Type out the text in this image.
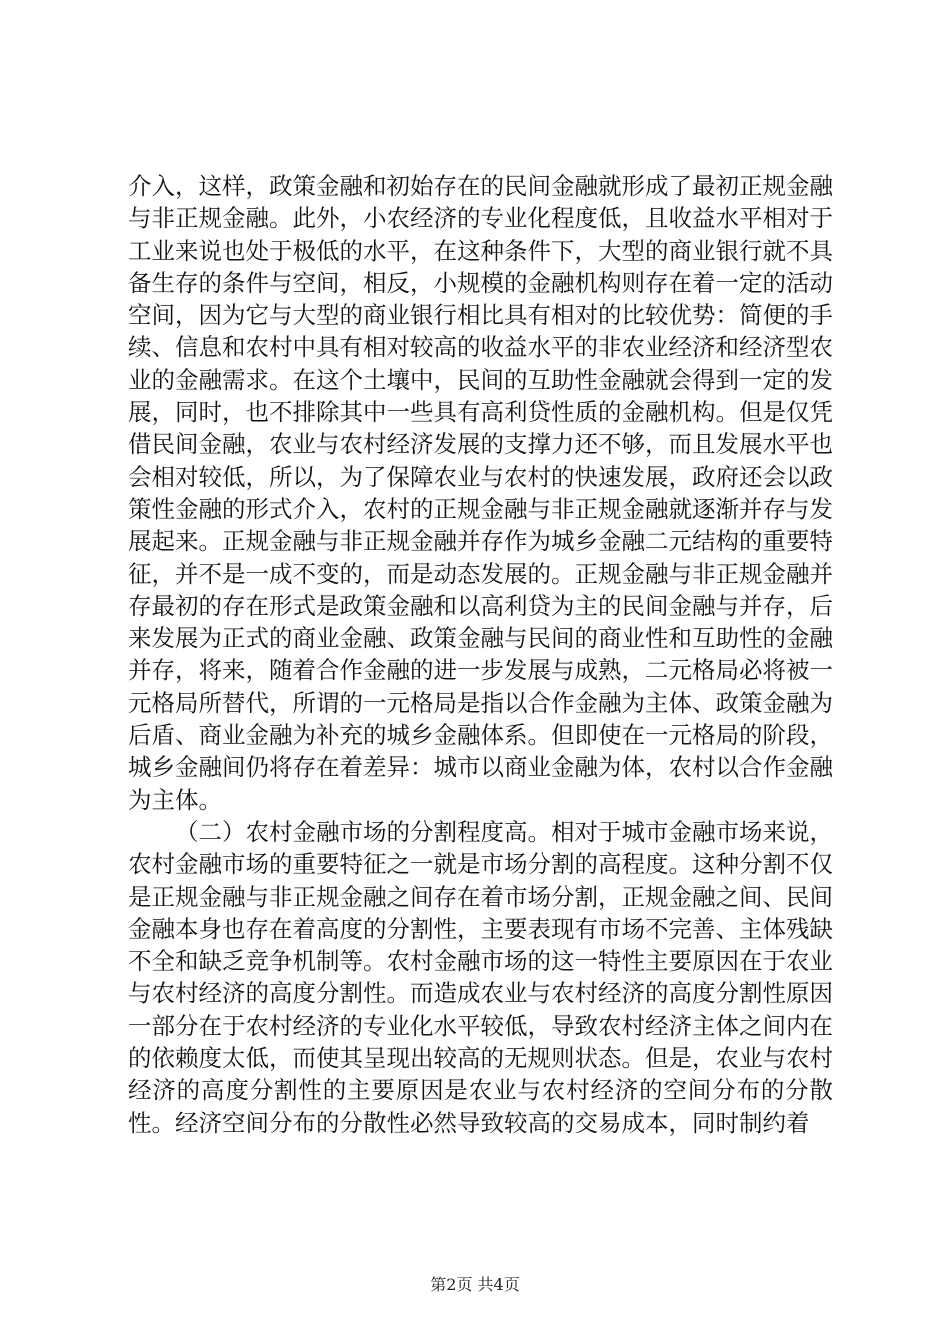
介入，这样，政策金融和初始存在的民间金融就形成了最初正规金融与非正规金融。此外，小农经济的专业化程度低，且收益水平相对于工业来说也处于极低的水平，在这种条件下，大型的商业银行就不具备生存的条件与空间，相反，小规模的金融机构则存在着一定的活动空间，因为它与大型的商业银行相比具有相对的比较优势：简便的手续、信息和农村中具有相对较高的收益水平的非农业经济和经济型农业的金融需求。在这个土壤中，民间的互助性金融就会得到一定的发展，同时，也不排除其中一些具有高利贷性质的金融机构。但是仅凭借民间金融，农业与农村经济发展的支撑力还不够，而且发展水平也会相对较低，所以，为了保障农业与农村的快速发展，政府还会以政策性金融的形式介入，农村的正规金融与非正规金融就逐渐并存与发展起来。正规金融与非正规金融并存作为城乡金融二元结构的重要特征，并不是一成不变的，而是动态发展的。正规金融与非正规金融并存最初的存在形式是政策金融和以高利贷为主的民间金融与并存，后来发展为正式的商业金融、政策金融与民间的商业性和互助性的金融并存，将来，随着合作金融的进一步发展与成熟，二元格局必将被一元格局所替代，所谓的一元格局是指以合作金融为主体、政策金融为后盾、商业金融为补充的城乡金融体系。但即使在一元格局的阶段，城乡金融间仍将存在着差异：城市以商业金融为体，农村以合作金融为主体。

（二）农村金融市场的分割程度高。相对于城市金融市场来说，农村金融市场的重要特征之一就是市场分割的高程度。这种分割不仅是正规金融与非正规金融之间存在着市场分割，正规金融之间、民间金融本身也存在着高度的分割性，主要表现有市场不完善、主体残缺不全和缺乏竞争机制等。农村金融市场的这一特性主要原因在于农业与农村经济的高度分割性。而造成农业与农村经济的高度分割性原因一部分在于农村经济的专业化水平较低，导致农村经济主体之间内在的依赖度太低，而使其呈现出较高的无规则状态。但是，农业与农村经济的高度分割性的主要原因是农业与农村经济的空间分布的分散性。经济空间分布的分散性必然导致较高的交易成本，同时制约着

第2页 共4页
